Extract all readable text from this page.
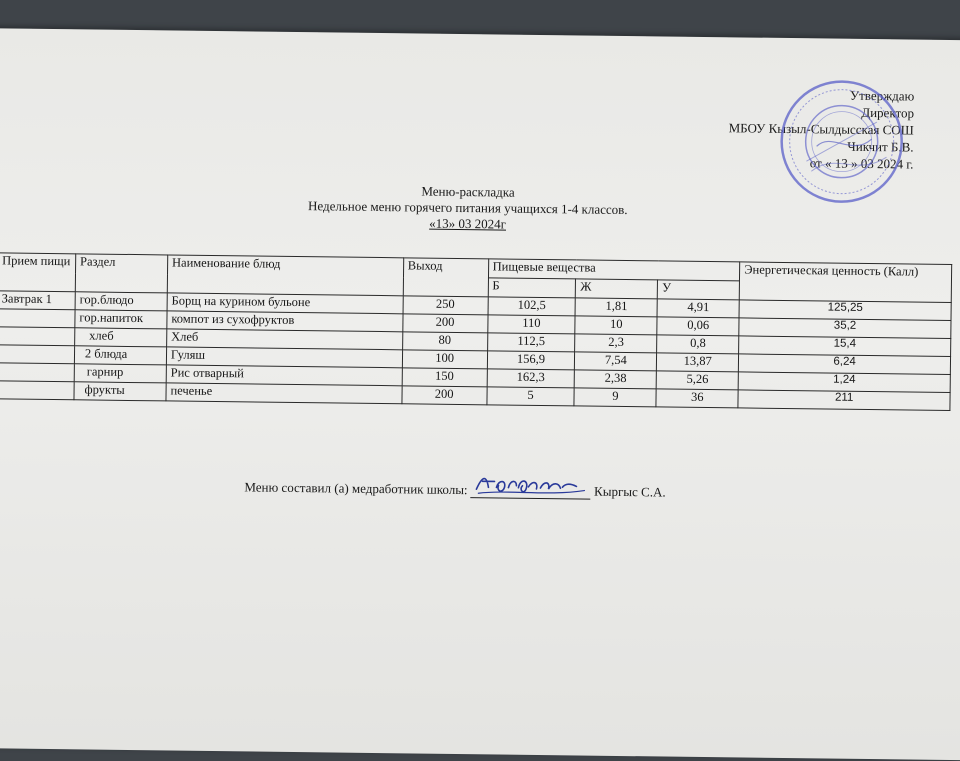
Утверждаю
Директор
МБОУ Кызыл-Сылдысская СОШ
Чикчит Б.В.
от « 13 » 03 2024 г.
Меню-раскладка
Недельное меню горячего питания учащихся 1-4 классов.
«13» 03 2024г
Прием пищи	Раздел	Наименование блюд	Выход	Пищевые вещества			Энергетическая ценность (Калл)
				Б	Ж	У	
Завтрак 1	гор.блюдо	Борщ на курином бульоне	250	102,5	1,81	4,91	125,25
	гор.напиток	компот из сухофруктов	200	110	10	0,06	35,2
	хлеб	Хлеб	80	112,5	2,3	0,8	15,4
	2 блюда	Гуляш	100	156,9	7,54	13,87	6,24
	гарнир	Рис отварный	150	162,3	2,38	5,26	1,24
	фрукты	печенье	200	5	9	36	211
Меню составил (а) медработник школы:	Кыргыс С.А.
